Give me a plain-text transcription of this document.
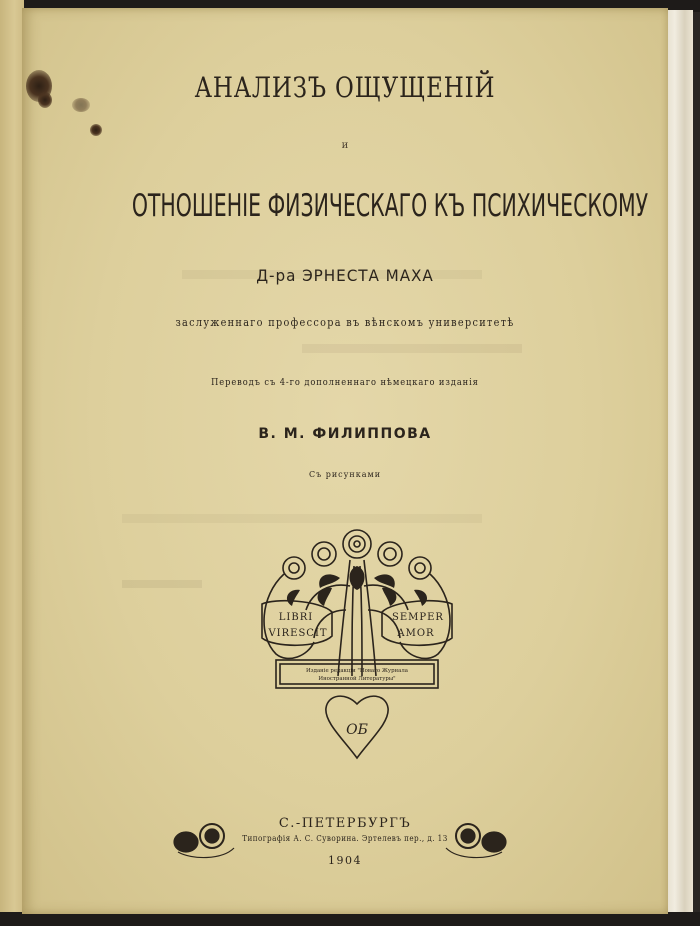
АНАЛИЗЪ ОЩУЩЕНІЙ
и
ОТНОШЕНІЕ ФИЗИЧЕСКАГО КЪ ПСИХИЧЕСКОМУ
Д-ра ЭРНЕСТА МАХА
заслуженнаго профессора въ вѣнскомъ университетѣ
Переводъ съ 4-го дополненнаго нѣмецкаго изданія
В. М. ФИЛИППОВА
Съ рисунками
LIBRI
VIRESCIT
SEMPER
AMOR
Изданіе редакціи "Новаго Журнала
Иностранной Литературы"
ОБ
С.-ПЕТЕРБУРГЪ
Типографія А. С. Суворина. Эртелевъ пер., д. 13
1904
